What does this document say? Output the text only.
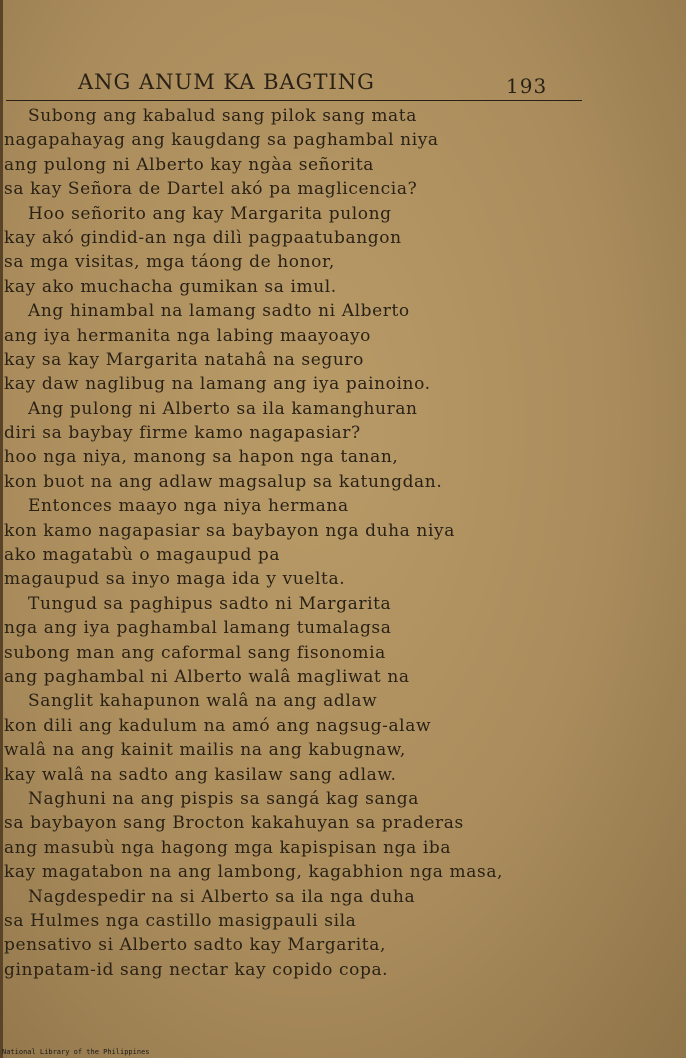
ANG ANUM KA BAGTING	193
Subong ang kabalud sang pilok sang mata
nagapahayag ang kaugdang sa paghambal niya
ang pulong ni Alberto kay ngàa señorita
sa kay Señora de Dartel akó pa maglicencia?
Hoo señorito ang kay Margarita pulong
kay akó gindid-an nga dilì pagpaatubangon
sa mga visitas, mga táong de honor,
kay ako muchacha gumikan sa imul.
Ang hinambal na lamang sadto ni Alberto
ang iya hermanita nga labing maayoayo
kay sa kay Margarita natahâ na seguro
kay daw naglibug na lamang ang iya painoino.
Ang pulong ni Alberto sa ila kamanghuran
diri sa baybay firme kamo nagapasiar?
hoo nga niya, manong sa hapon nga tanan,
kon buot na ang adlaw magsalup sa katungdan.
Entonces maayo nga niya hermana
kon kamo nagapasiar sa baybayon nga duha niya
ako magatabù o magaupud pa
magaupud sa inyo maga ida y vuelta.
Tungud sa paghipus sadto ni Margarita
nga ang iya paghambal lamang tumalagsa
subong man ang caformal sang fisonomia
ang paghambal ni Alberto walâ magliwat na
Sanglit kahapunon walâ na ang adlaw
kon dili ang kadulum na amó ang nagsug-alaw
walâ na ang kainit mailis na ang kabugnaw,
kay walâ na sadto ang kasilaw sang adlaw.
Naghuni na ang pispis sa sangá kag sanga
sa baybayon sang Brocton kakahuyan sa praderas
ang masubù nga hagong mga kapispisan nga iba
kay magatabon na ang lambong, kagabhion nga masa,
Nagdespedir na si Alberto sa ila nga duha
sa Hulmes nga castillo masigpauli sila
pensativo si Alberto sadto kay Margarita,
ginpatam-id sang nectar kay copido copa.
National Library of the Philippines
